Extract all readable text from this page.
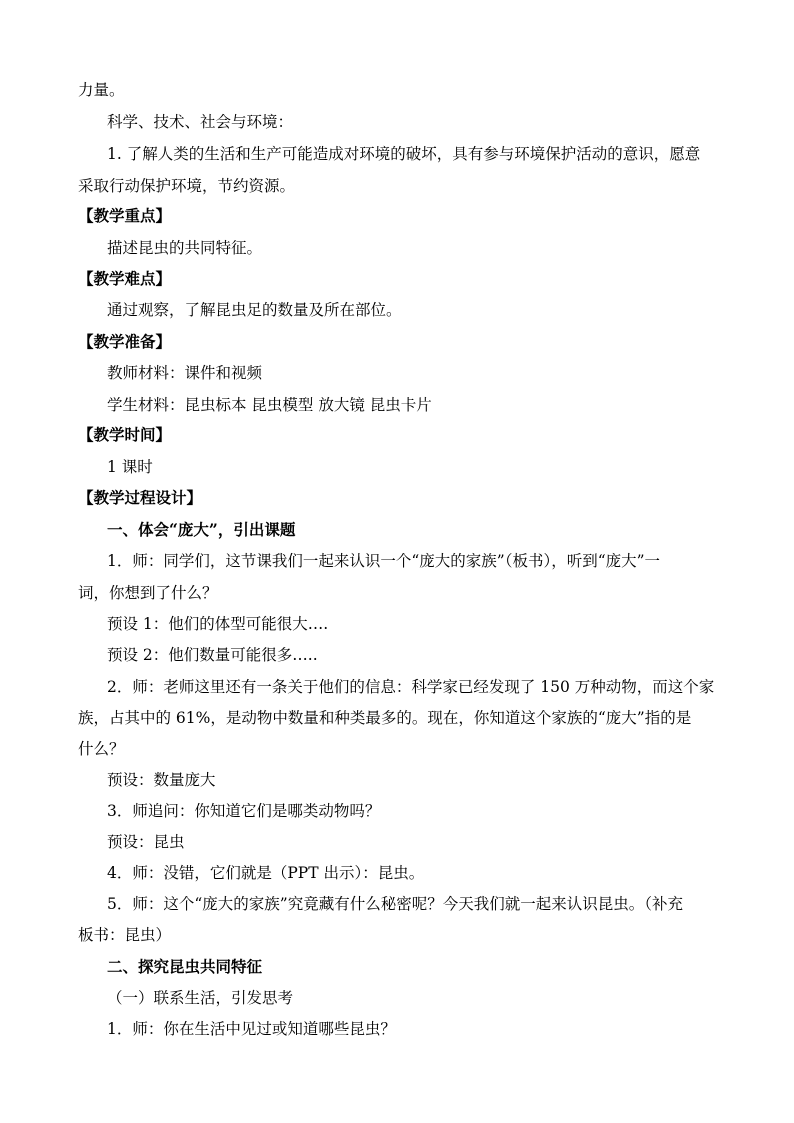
力量。
科学、技术、社会与环境：
1. 了解人类的生活和生产可能造成对环境的破坏，具有参与环境保护活动的意识，愿意
采取行动保护环境，节约资源。
【教学重点】
描述昆虫的共同特征。
【教学难点】
通过观察，了解昆虫足的数量及所在部位。
【教学准备】
教师材料：课件和视频
学生材料：昆虫标本 昆虫模型 放大镜 昆虫卡片
【教学时间】
1 课时
【教学过程设计】
一、体会“庞大”，引出课题
1．师：同学们，这节课我们一起来认识一个“庞大的家族”（板书），听到“庞大”一
词，你想到了什么？
预设 1：他们的体型可能很大….
预设 2：他们数量可能很多…..
2．师：老师这里还有一条关于他们的信息：科学家已经发现了 150 万种动物，而这个家
族，占其中的 61%，是动物中数量和种类最多的。现在，你知道这个家族的“庞大”指的是
什么？
预设：数量庞大
3．师追问：你知道它们是哪类动物吗？
预设：昆虫
4．师：没错，它们就是（PPT 出示）：昆虫。
5．师：这个“庞大的家族”究竟藏有什么秘密呢？今天我们就一起来认识昆虫。（补充
板书：昆虫）
二、探究昆虫共同特征
（一）联系生活，引发思考
1．师：你在生活中见过或知道哪些昆虫？
